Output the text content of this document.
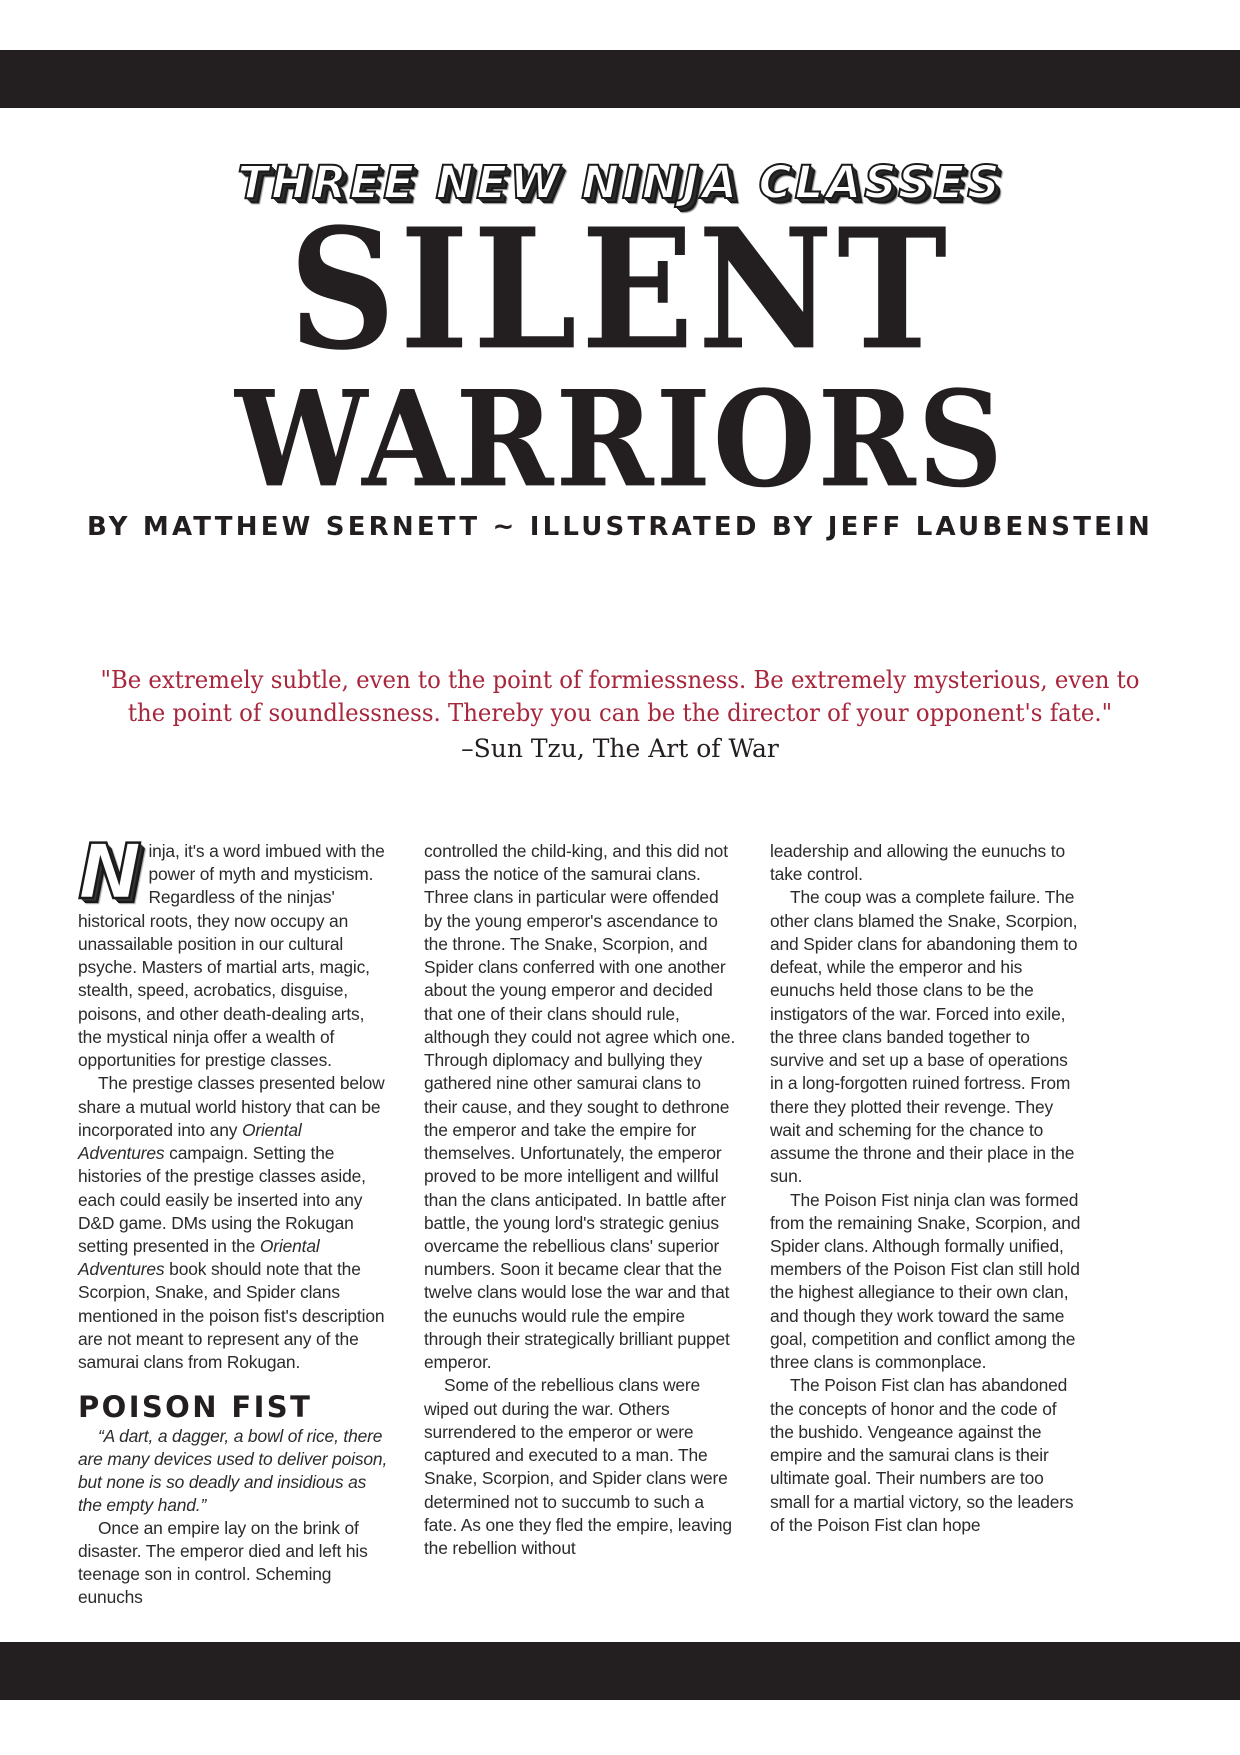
THREE NEW NINJA CLASSES
SILENT
WARRIORS
BY MATTHEW SERNETT ~ ILLUSTRATED BY JEFF LAUBENSTEIN
"Be extremely subtle, even to the point of formiessness. Be extremely mysterious, even to the point of soundlessness. Thereby you can be the director of your opponent's fate."
–Sun Tzu, The Art of War

Ninja, it's a word imbued with the power of myth and mysticism. Regardless of the ninjas' historical roots, they now occupy an unassailable position in our cultural psyche. Masters of martial arts, magic, stealth, speed, acrobatics, disguise, poisons, and other death-dealing arts, the mystical ninja offer a wealth of opportunities for prestige classes.

The prestige classes presented below share a mutual world history that can be incorporated into any Oriental Adventures campaign. Setting the histories of the prestige classes aside, each could easily be inserted into any D&D game. DMs using the Rokugan setting presented in the Oriental Adventures book should note that the Scorpion, Snake, and Spider clans mentioned in the poison fist's description are not meant to represent any of the samurai clans from Rokugan.

POISON FIST

“A dart, a dagger, a bowl of rice, there are many devices used to deliver poison, but none is so deadly and insidious as the empty hand.”

Once an empire lay on the brink of disaster. The emperor died and left his teenage son in control. Scheming eunuchs

controlled the child-king, and this did not pass the notice of the samurai clans. Three clans in particular were offended by the young emperor's ascendance to the throne. The Snake, Scorpion, and Spider clans conferred with one another about the young emperor and decided that one of their clans should rule, although they could not agree which one. Through diplomacy and bullying they gathered nine other samurai clans to their cause, and they sought to dethrone the emperor and take the empire for themselves. Unfortunately, the emperor proved to be more intelligent and willful than the clans anticipated. In battle after battle, the young lord's strategic genius overcame the rebellious clans' superior numbers. Soon it became clear that the twelve clans would lose the war and that the eunuchs would rule the empire through their strategically brilliant puppet emperor.

Some of the rebellious clans were wiped out during the war. Others surrendered to the emperor or were captured and executed to a man. The Snake, Scorpion, and Spider clans were determined not to succumb to such a fate. As one they fled the empire, leaving the rebellion without

leadership and allowing the eunuchs to take control.

The coup was a complete failure. The other clans blamed the Snake, Scorpion, and Spider clans for abandoning them to defeat, while the emperor and his eunuchs held those clans to be the instigators of the war. Forced into exile, the three clans banded together to survive and set up a base of operations in a long-forgotten ruined fortress. From there they plotted their revenge. They wait and scheming for the chance to assume the throne and their place in the sun.

The Poison Fist ninja clan was formed from the remaining Snake, Scorpion, and Spider clans. Although formally unified, members of the Poison Fist clan still hold the highest allegiance to their own clan, and though they work toward the same goal, competition and conflict among the three clans is commonplace.

The Poison Fist clan has abandoned the concepts of honor and the code of the bushido. Vengeance against the empire and the samurai clans is their ultimate goal. Their numbers are too small for a martial victory, so the leaders of the Poison Fist clan hope
